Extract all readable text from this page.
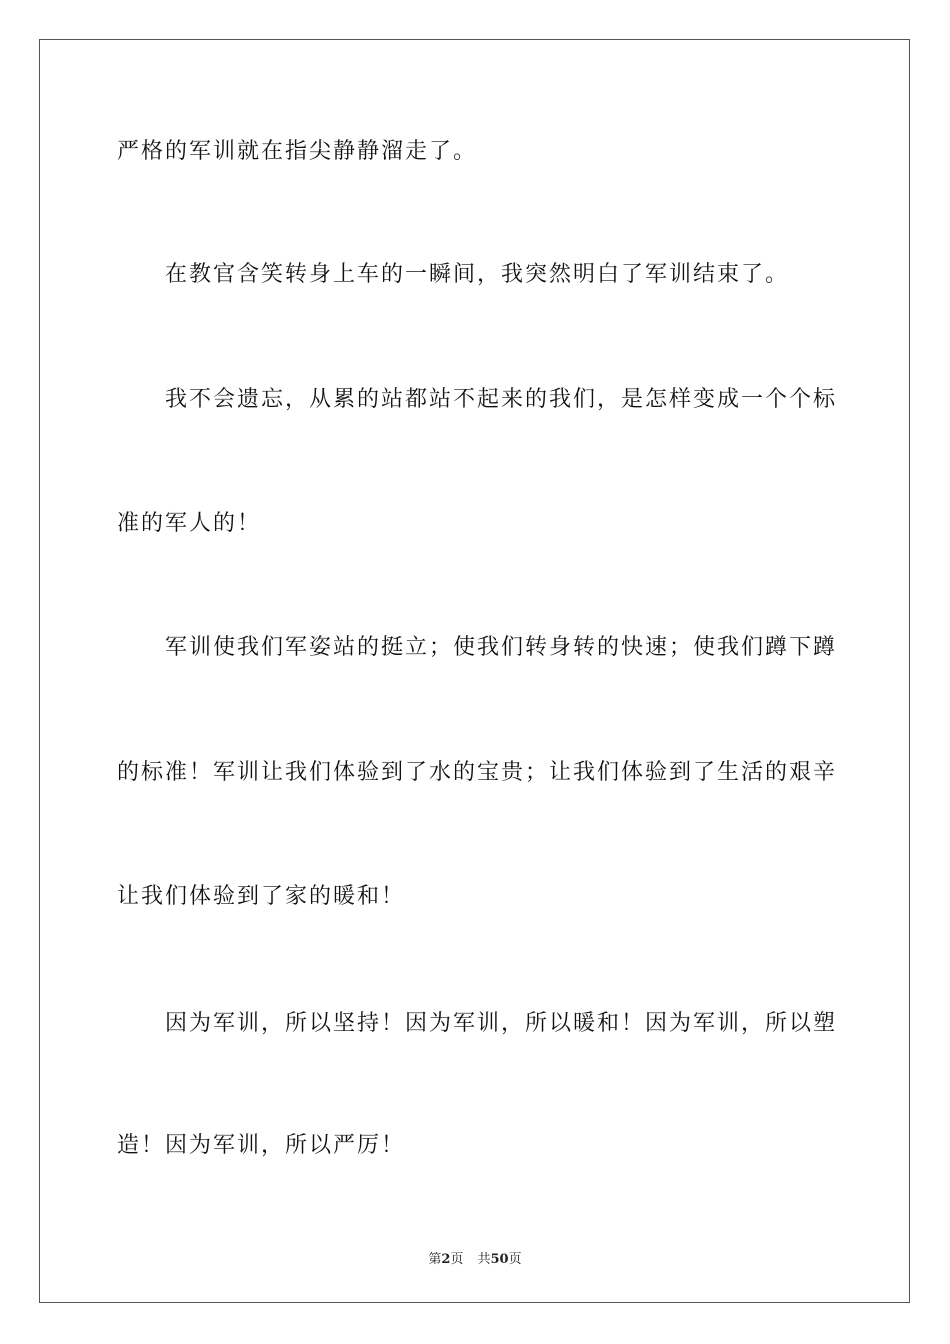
严格的军训就在指尖静静溜走了。
在教官含笑转身上车的一瞬间，我突然明白了军训结束了。
我不会遗忘，从累的站都站不起来的我们，是怎样变成一个个标
准的军人的！
军训使我们军姿站的挺立；使我们转身转的快速；使我们蹲下蹲
的标准！军训让我们体验到了水的宝贵；让我们体验到了生活的艰辛
让我们体验到了家的暖和！
因为军训，所以坚持！因为军训，所以暖和！因为军训，所以塑
造！因为军训，所以严厉！
第2页 共50页
